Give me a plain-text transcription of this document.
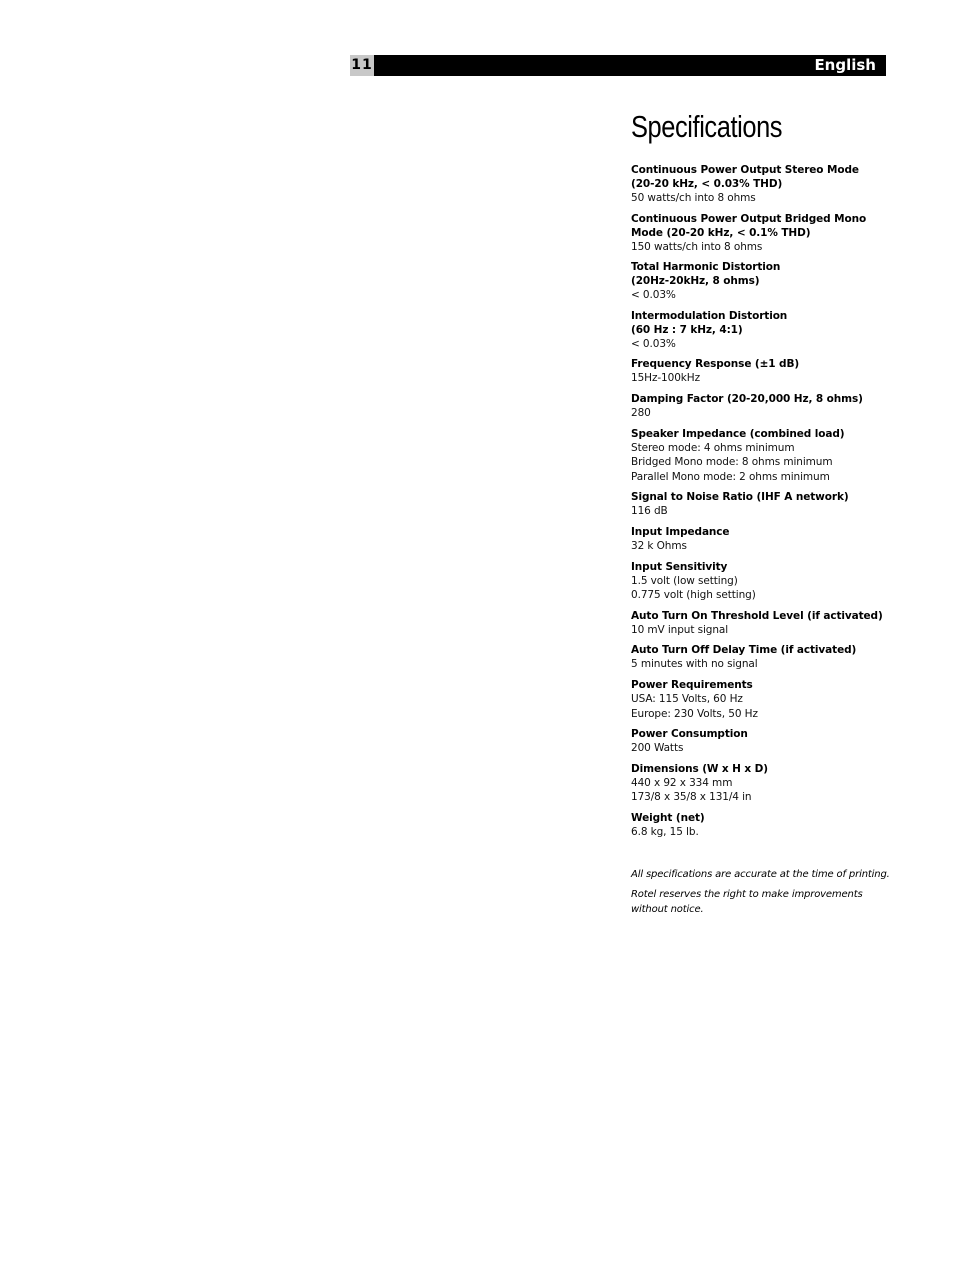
11	English
Specifications
Continuous Power Output Stereo Mode
(20-20 kHz, < 0.03% THD)
50 watts/ch into 8 ohms
Continuous Power Output Bridged Mono
Mode (20-20 kHz, < 0.1% THD)
150 watts/ch into 8 ohms
Total Harmonic Distortion
(20Hz-20kHz, 8 ohms)
< 0.03%
Intermodulation Distortion
(60 Hz : 7 kHz, 4:1)
< 0.03%
Frequency Response (±1 dB)
15Hz-100kHz
Damping Factor (20-20,000 Hz, 8 ohms)
280
Speaker Impedance (combined load)
Stereo mode: 4 ohms minimum
Bridged Mono mode: 8 ohms minimum
Parallel Mono mode: 2 ohms minimum
Signal to Noise Ratio (IHF A network)
116 dB
Input Impedance
32 k Ohms
Input Sensitivity
1.5 volt (low setting)
0.775 volt (high setting)
Auto Turn On Threshold Level (if activated)
10 mV input signal
Auto Turn Off Delay Time (if activated)
5 minutes with no signal
Power Requirements
USA: 115 Volts, 60 Hz
Europe: 230 Volts, 50 Hz
Power Consumption
200 Watts
Dimensions (W x H x D)
440 x 92 x 334 mm
173/8 x 35/8 x 131/4 in
Weight (net)
6.8 kg, 15 lb.
All specifications are accurate at the time of printing.
Rotel reserves the right to make improvements without notice.
